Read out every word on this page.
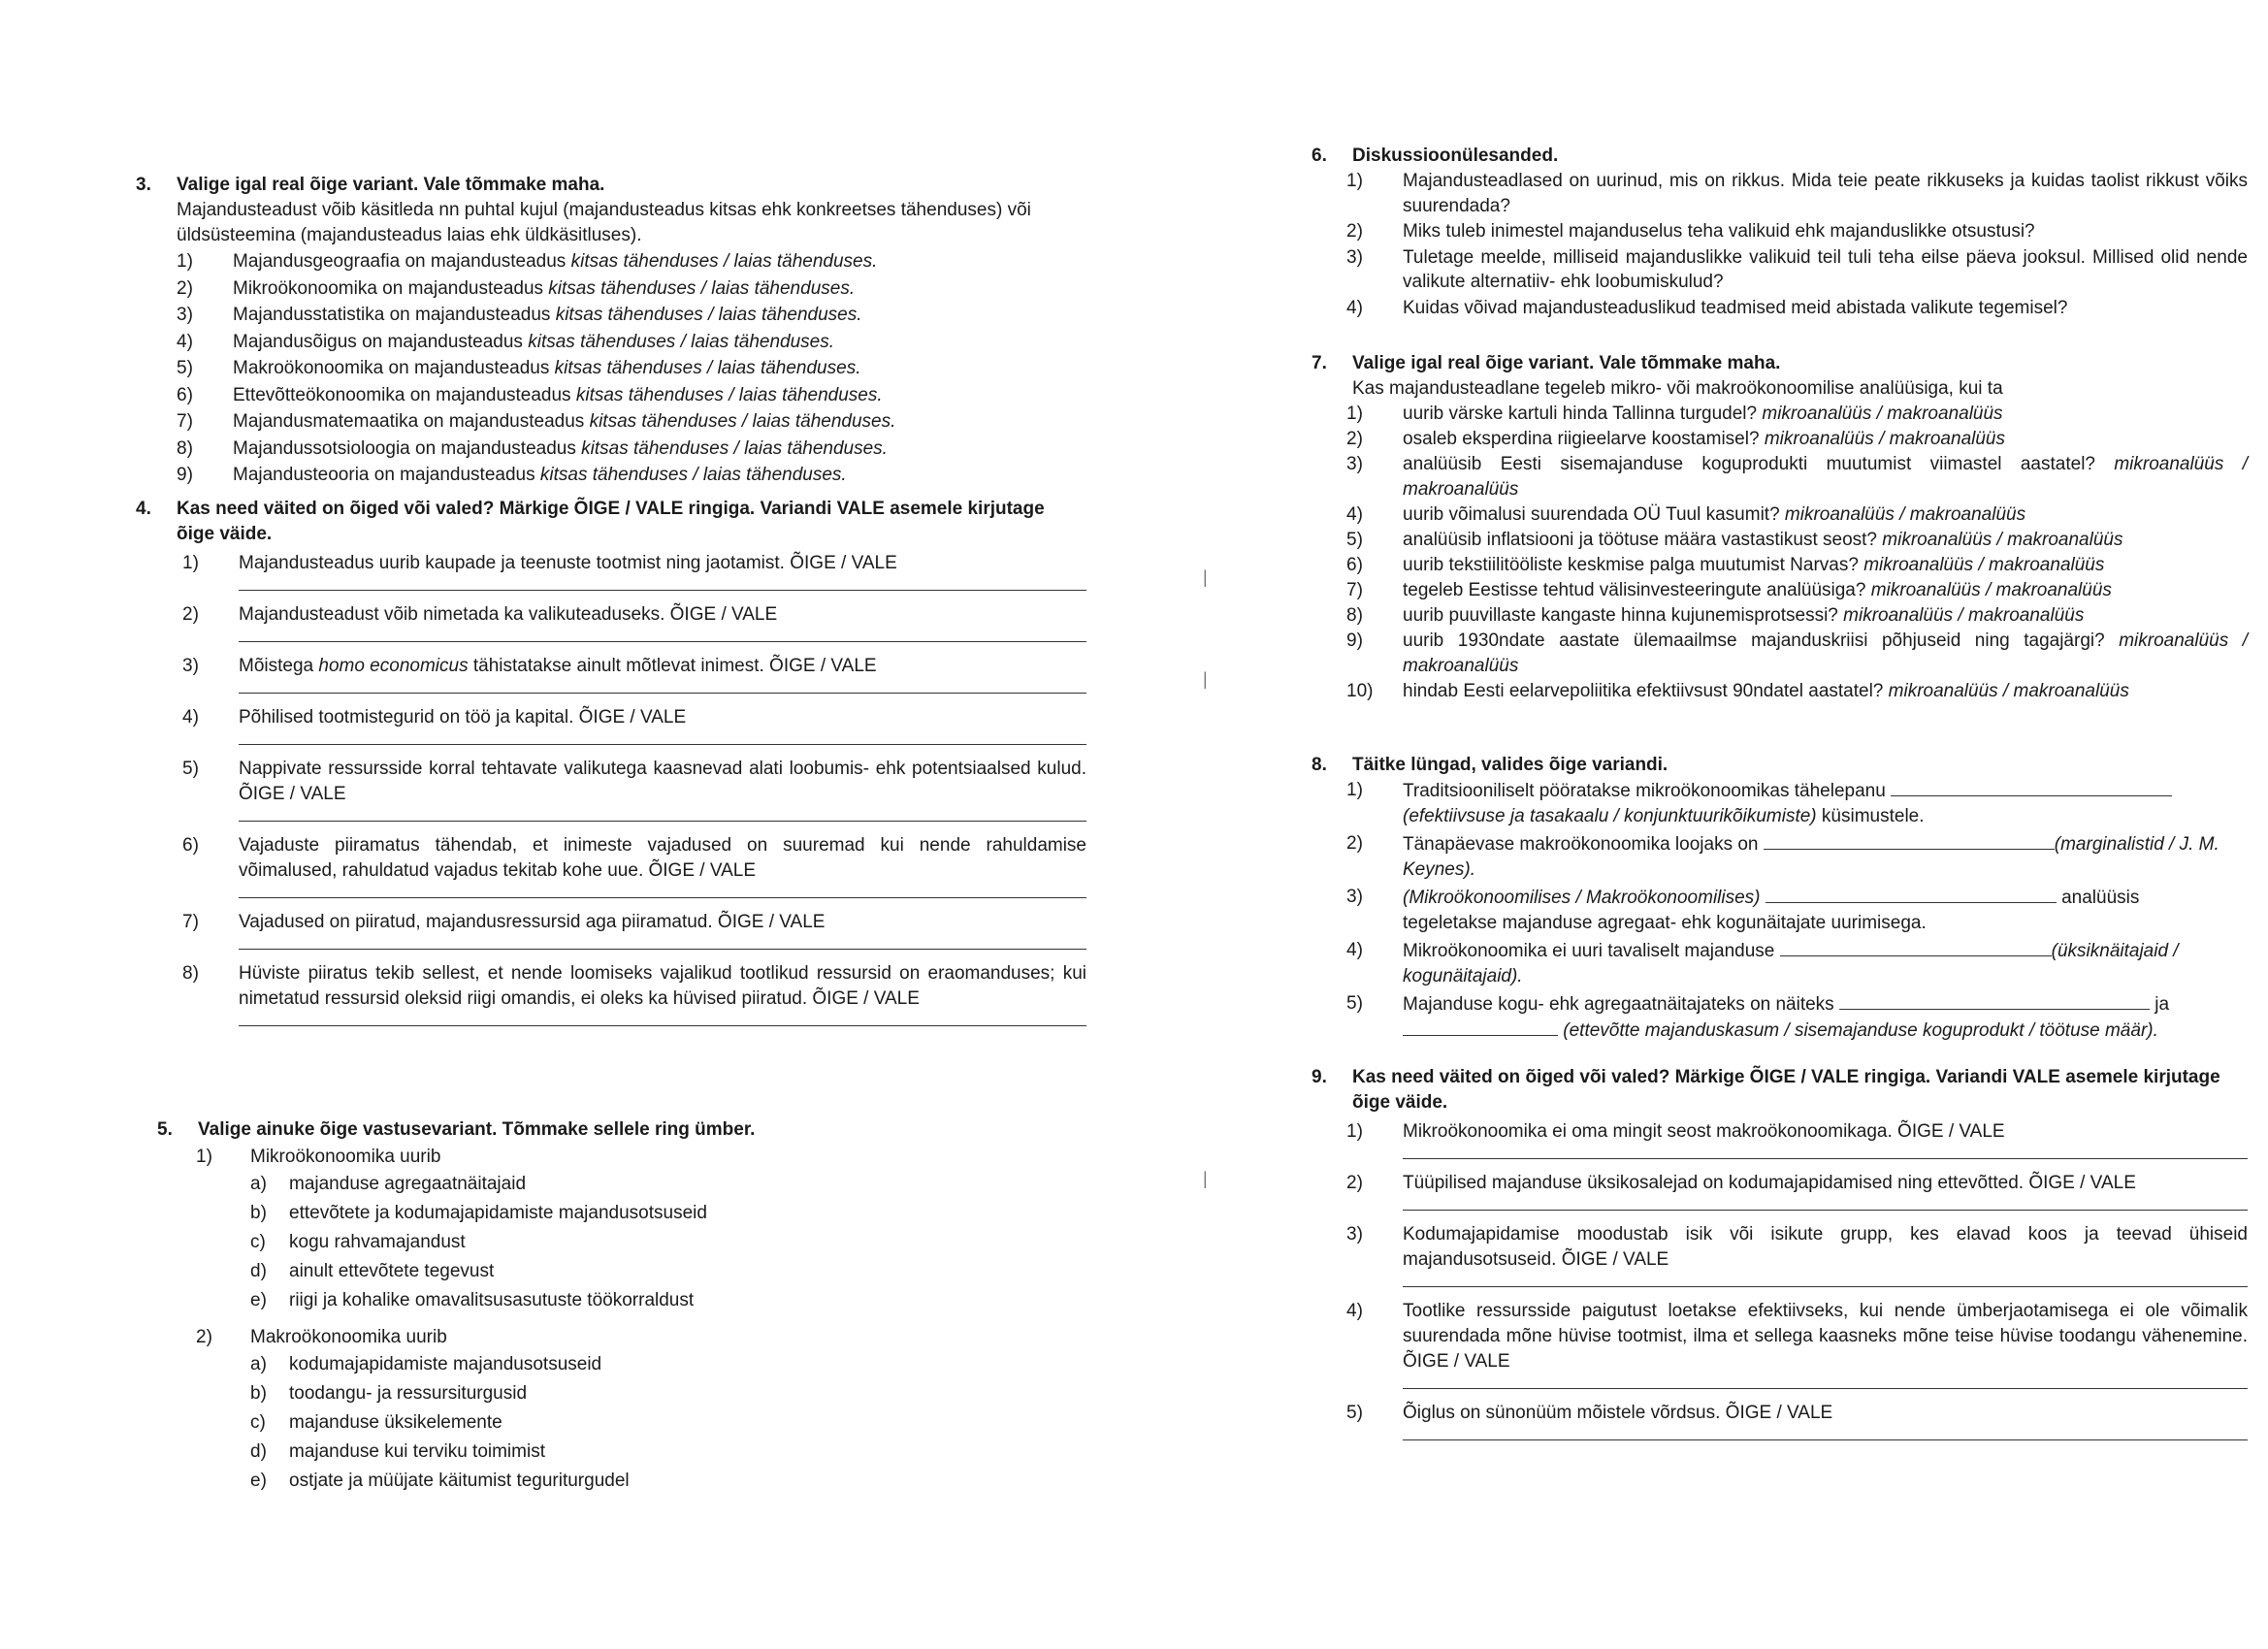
3.	Valige igal real õige variant. Vale tõmmake maha.
Majandusteadust võib käsitleda nn puhtal kujul (majandusteadus kitsas ehk konkreetses tähenduses) või üldsüsteemina (majandusteadus laias ehk üldkäsitluses).
1)	Majandusgeograafia on majandusteadus kitsas tähenduses / laias tähenduses.
2)	Mikroökonoomika on majandusteadus kitsas tähenduses / laias tähenduses.
3)	Majandusstatistika on majandusteadus kitsas tähenduses / laias tähenduses.
4)	Majandusõigus on majandusteadus kitsas tähenduses / laias tähenduses.
5)	Makroökonoomika on majandusteadus kitsas tähenduses / laias tähenduses.
6)	Ettevõtteökonoomika on majandusteadus kitsas tähenduses / laias tähenduses.
7)	Majandusmatemaatika on majandusteadus kitsas tähenduses / laias tähenduses.
8)	Majandussotsioloogia on majandusteadus kitsas tähenduses / laias tähenduses.
9)	Majandusteooria on majandusteadus kitsas tähenduses / laias tähenduses.
4.	Kas need väited on õiged või valed? Märkige ÕIGE / VALE ringiga. Variandi VALE asemele kirjutage õige väide.
1)	Majandusteadus uurib kaupade ja teenuste tootmist ning jaotamist. ÕIGE / VALE
2)	Majandusteadust võib nimetada ka valikuteaduseks. ÕIGE / VALE
3)	Mõistega homo economicus tähistatakse ainult mõtlevat inimest. ÕIGE / VALE
4)	Põhilised tootmistegurid on töö ja kapital. ÕIGE / VALE
5)	Nappivate ressursside korral tehtavate valikutega kaasnevad alati loobumis- ehk potentsiaalsed kulud. ÕIGE / VALE
6)	Vajaduste piiramatus tähendab, et inimeste vajadused on suuremad kui nende rahuldamise võimalused, rahuldatud vajadus tekitab kohe uue. ÕIGE / VALE
7)	Vajadused on piiratud, majandusressursid aga piiramatud. ÕIGE / VALE
8)	Hüviste piiratus tekib sellest, et nende loomiseks vajalikud tootlikud ressursid on eraomanduses; kui nimetatud ressursid oleksid riigi omandis, ei oleks ka hüvised piiratud. ÕIGE / VALE
5.	Valige ainuke õige vastusevariant. Tõmmake sellele ring ümber.
1)	Mikroökonoomika uurib
a)	majanduse agregaatnäitajaid
b)	ettevõtete ja kodumajapidamiste majandusotsuseid
c)	kogu rahvamajandust
d)	ainult ettevõtete tegevust
e)	riigi ja kohalike omavalitsusasutuste töökorraldust
2)	Makroökonoomika uurib
a)	kodumajapidamiste majandusotsuseid
b)	toodangu- ja ressursiturgusid
c)	majanduse üksikelemente
d)	majanduse kui terviku toimimist
e)	ostjate ja müüjate käitumist teguriturgudel
|
|
|
6.	Diskussioonülesanded.
1)	Majandusteadlased on uurinud, mis on rikkus. Mida teie peate rikkuseks ja kuidas taolist rikkust võiks suurendada?
2)	Miks tuleb inimestel majanduselus teha valikuid ehk majanduslikke otsustusi?
3)	Tuletage meelde, milliseid majanduslikke valikuid teil tuli teha eilse päeva jooksul. Millised olid nende valikute alternatiiv- ehk loobumiskulud?
4)	Kuidas võivad majandusteaduslikud teadmised meid abistada valikute tegemisel?
7.	Valige igal real õige variant. Vale tõmmake maha.
Kas majandusteadlane tegeleb mikro- või makroökonoomilise analüüsiga, kui ta
1)	uurib värske kartuli hinda Tallinna turgudel? mikroanalüüs / makroanalüüs
2)	osaleb eksperdina riigieelarve koostamisel? mikroanalüüs / makroanalüüs
3)	analüüsib Eesti sisemajanduse koguprodukti muutumist viimastel aastatel? mikroanalüüs / makroanalüüs
4)	uurib võimalusi suurendada OÜ Tuul kasumit? mikroanalüüs / makroanalüüs
5)	analüüsib inflatsiooni ja töötuse määra vastastikust seost? mikroanalüüs / makroanalüüs
6)	uurib tekstiilitööliste keskmise palga muutumist Narvas? mikroanalüüs / makroanalüüs
7)	tegeleb Eestisse tehtud välisinvesteeringute analüüsiga? mikroanalüüs / makroanalüüs
8)	uurib puuvillaste kangaste hinna kujunemisprotsessi? mikroanalüüs / makroanalüüs
9)	uurib 1930ndate aastate ülemaailmse majanduskriisi põhjuseid ning tagajärgi? mikroanalüüs / makroanalüüs
10)	hindab Eesti eelarvepoliitika efektiivsust 90ndatel aastatel? mikroanalüüs / makroanalüüs
8.	Täitke lüngad, valides õige variandi.
1)	Traditsiooniliselt pööratakse mikroökonoomikas tähelepanu
(efektiivsuse ja tasakaalu / konjunktuurikõikumiste) küsimustele.
2)	Tänapäevase makroökonoomika loojaks on	(marginalistid / J. M. Keynes).
3)	(Mikroökonoomilises / Makroökonoomilises)	analüüsis
tegeletakse majanduse agregaat- ehk kogunäitajate uurimisega.
4)	Mikroökonoomika ei uuri tavaliselt majanduse	(üksiknäitajaid / kogunäitajaid).
5)	Majanduse kogu- ehk agregaatnäitajateks on näiteks	ja
(ettevõtte majanduskasum / sisemajanduse koguprodukt / töötuse määr).
9.	Kas need väited on õiged või valed? Märkige ÕIGE / VALE ringiga. Variandi VALE asemele kirjutage õige väide.
1)	Mikroökonoomika ei oma mingit seost makroökonoomikaga. ÕIGE / VALE
2)	Tüüpilised majanduse üksikosalejad on kodumajapidamised ning ettevõtted. ÕIGE / VALE
3)	Kodumajapidamise moodustab isik või isikute grupp, kes elavad koos ja teevad ühiseid majandusotsuseid. ÕIGE / VALE
4)	Tootlike ressursside paigutust loetakse efektiivseks, kui nende ümberjaotamisega ei ole võimalik suurendada mõne hüvise tootmist, ilma et sellega kaasneks mõne teise hüvise toodangu vähenemine. ÕIGE / VALE
5)	Õiglus on sünonüüm mõistele võrdsus. ÕIGE / VALE
